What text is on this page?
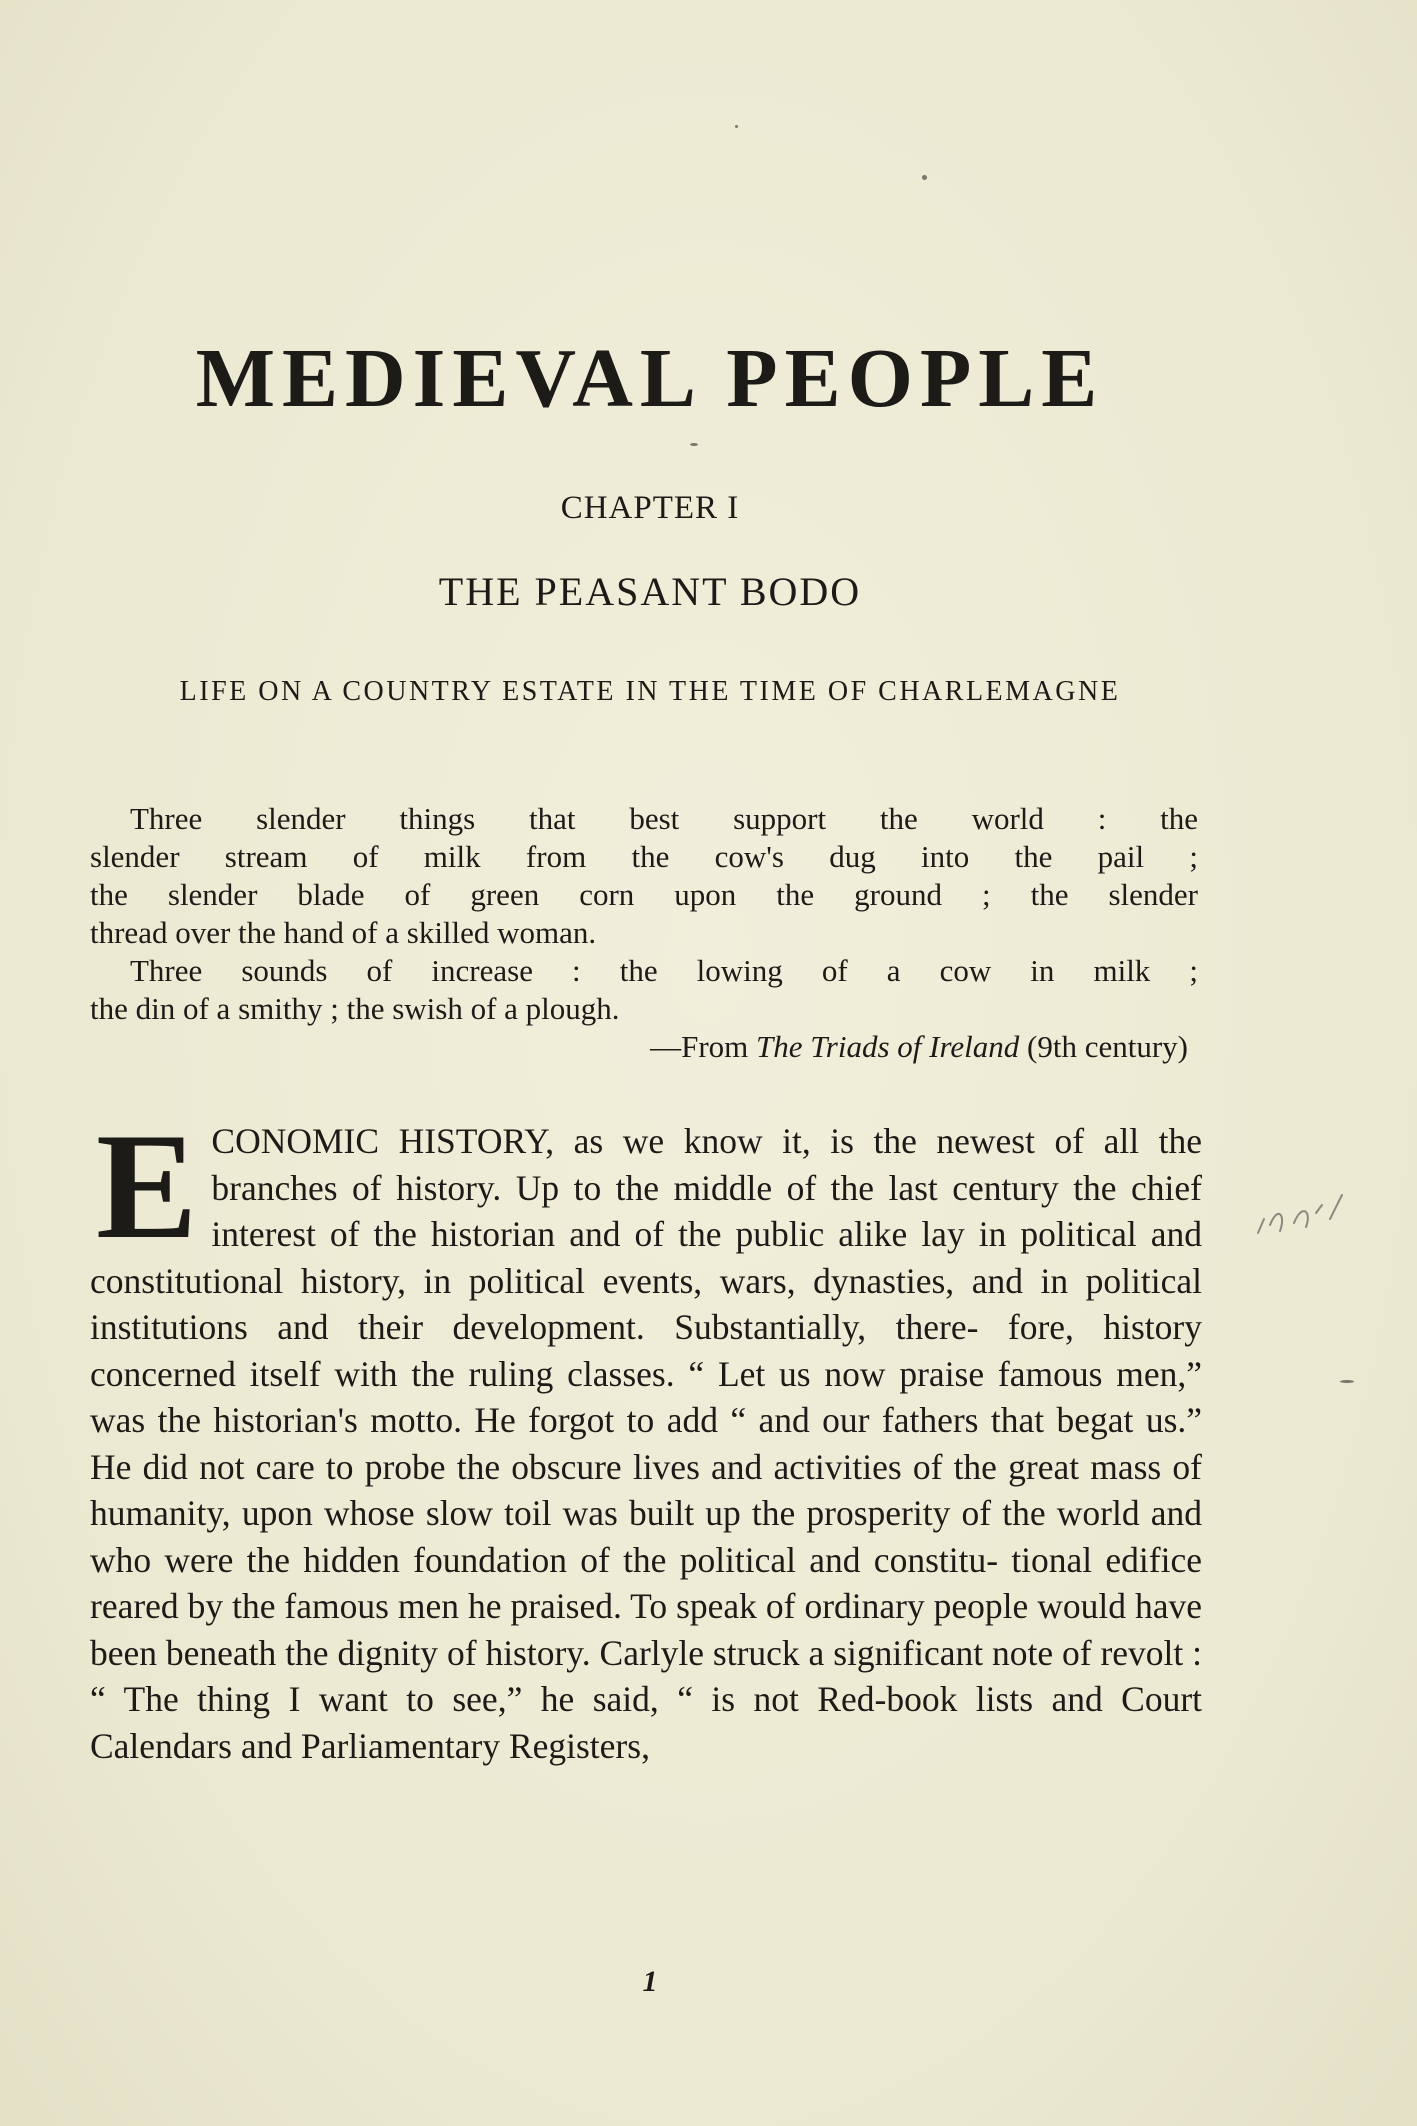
MEDIEVAL PEOPLE
CHAPTER I
THE PEASANT BODO
LIFE ON A COUNTRY ESTATE IN THE TIME OF CHARLEMAGNE

Three slender things that best support the world : the

slender stream of milk from the cow's dug into the pail ;

the slender blade of green corn upon the ground ; the slender

thread over the hand of a skilled woman.

Three sounds of increase : the lowing of a cow in milk ;

the din of a smithy ; the swish of a plough.

—From The Triads of Ireland (9th century)

E CONOMIC HISTORY, as we know it, is the newest of all the branches of history. Up to the middle of the last century the chief interest of the historian and of the public alike lay in political and constitutional history, in political events, wars, dynasties, and in political institutions and their development. Substantially, there- fore, history concerned itself with the ruling classes. “ Let us now praise famous men,” was the historian's motto. He forgot to add “ and our fathers that begat us.” He did not care to probe the obscure lives and activities of the great mass of humanity, upon whose slow toil was built up the prosperity of the world and who were the hidden foundation of the political and constitu- tional edifice reared by the famous men he praised. To speak of ordinary people would have been beneath the dignity of history. Carlyle struck a significant note of revolt : “ The thing I want to see,” he said, “ is not Red-book lists and Court Calendars and Parliamentary Registers,

1
